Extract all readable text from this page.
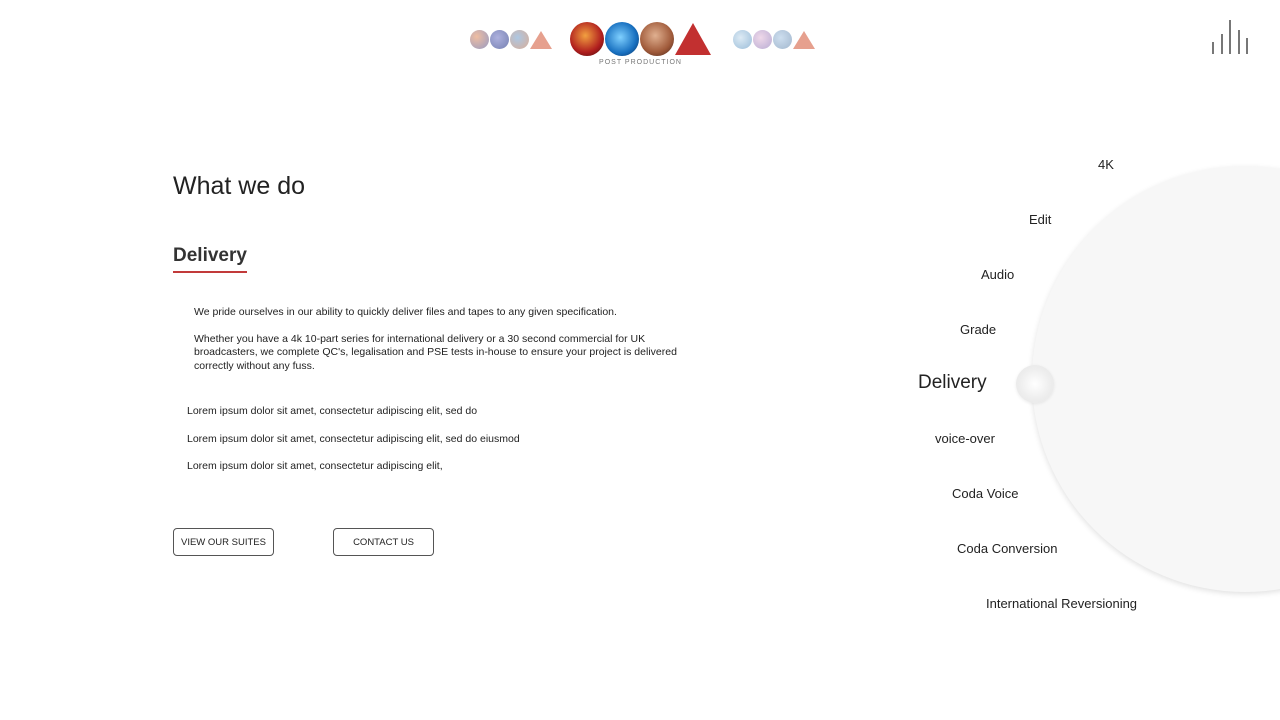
POST PRODUCTION
What we do
Delivery

We pride ourselves in our ability to quickly deliver files and tapes to any given specification.

Whether you have a 4k 10-part series for international delivery or a 30 second commercial for UK broadcasters, we complete QC's, legalisation and PSE tests in-house to ensure your project is delivered correctly without any fuss.

Lorem ipsum dolor sit amet, consectetur adipiscing elit, sed do
Lorem ipsum dolor sit amet, consectetur adipiscing elit, sed do eiusmod
Lorem ipsum dolor sit amet, consectetur adipiscing elit,
VIEW OUR SUITES	CONTACT US
4K
Edit
Audio
Grade
Delivery
voice-over
Coda Voice
Coda Conversion
International Reversioning
